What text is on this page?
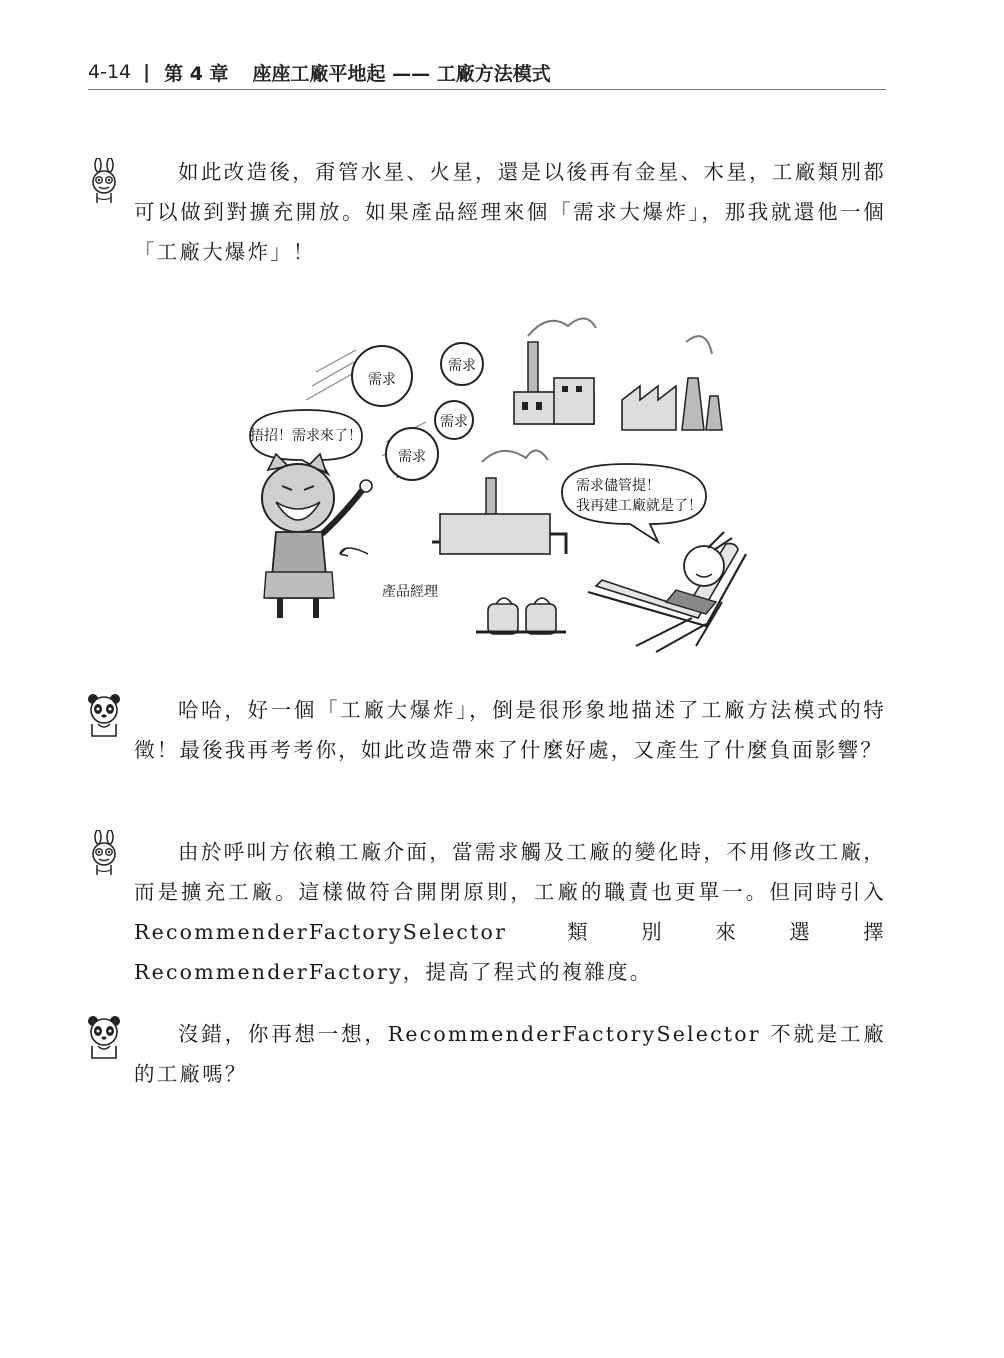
4-14 | 第 4 章 座座工廠平地起 —— 工廠方法模式

如此改造後，甭管水星、火星，還是以後再有金星、木星，工廠類別都可以做到對擴充開放。如果產品經理來個「需求大爆炸」，那我就還他一個「工廠大爆炸」！

需求
需求
需求
需求
捂招！需求來了！
產品經理
需求儘管提！
我再建工廠就是了！

哈哈，好一個「工廠大爆炸」，倒是很形象地描述了工廠方法模式的特徵！最後我再考考你，如此改造帶來了什麼好處，又產生了什麼負面影響？

由於呼叫方依賴工廠介面，當需求觸及工廠的變化時，不用修改工廠，而是擴充工廠。這樣做符合開閉原則，工廠的職責也更單一。但同時引入 RecommenderFactorySelector 類別來選擇 RecommenderFactory，提高了程式的複雜度。

沒錯，你再想一想，RecommenderFactorySelector 不就是工廠的工廠嗎？
